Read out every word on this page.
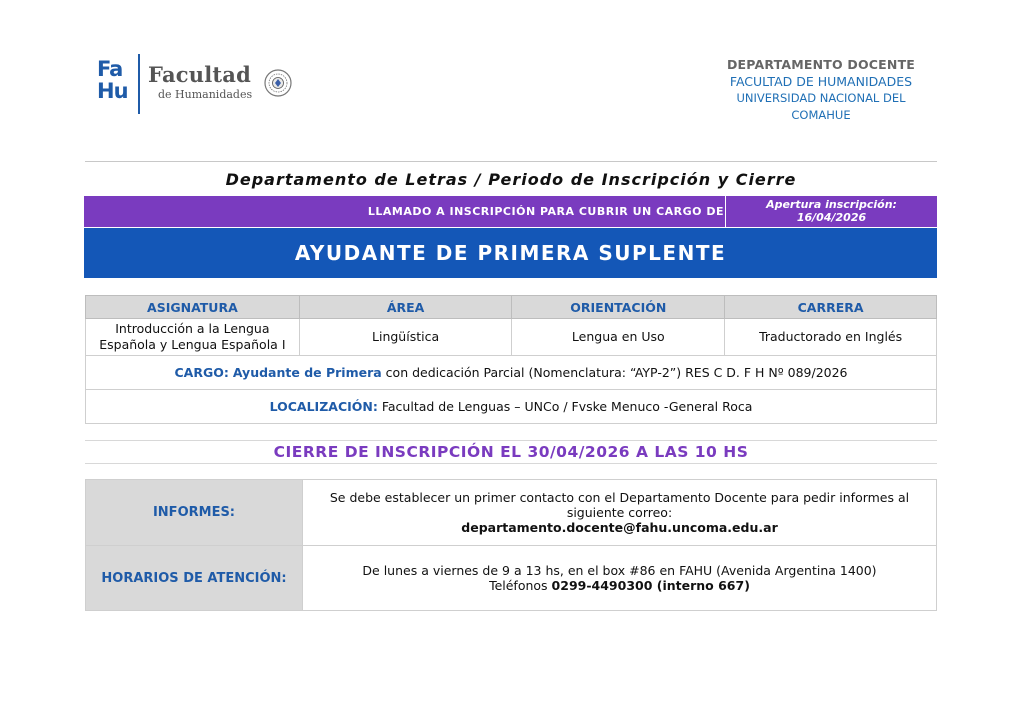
Fa
Hu
Facultad
de Humanidades
DEPARTAMENTO DOCENTE
FACULTAD DE HUMANIDADES
UNIVERSIDAD NACIONAL DEL COMAHUE
Departamento de Letras / Periodo de Inscripción y Cierre
LLAMADO A INSCRIPCIÓN PARA CUBRIR UN CARGO DE
Apertura inscripción:
16/04/2026
AYUDANTE DE PRIMERA SUPLENTE
ASIGNATURA	ÁREA	ORIENTACIÓN	CARRERA

Introducción a la Lengua
Española y Lengua Española I	Lingüística	Lengua en Uso	Traductorado en Inglés
CARGO: Ayudante de Primera con dedicación Parcial (Nomenclatura: “AYP-2”) RES C D. F H Nº 089/2026			
LOCALIZACIÓN: Facultad de Lenguas – UNCo / Fvske Menuco -General Roca			
CIERRE DE INSCRIPCIÓN EL 30/04/2026 A LAS 10 HS
INFORMES:	Se debe establecer un primer contacto con el Departamento Docente para pedir informes al
siguiente correo:
departamento.docente@fahu.uncoma.edu.ar

HORARIOS DE ATENCIÓN:	De lunes a viernes de 9 a 13 hs, en el box #86 en FAHU (Avenida Argentina 1400)
Teléfonos 0299-4490300 (interno 667)
